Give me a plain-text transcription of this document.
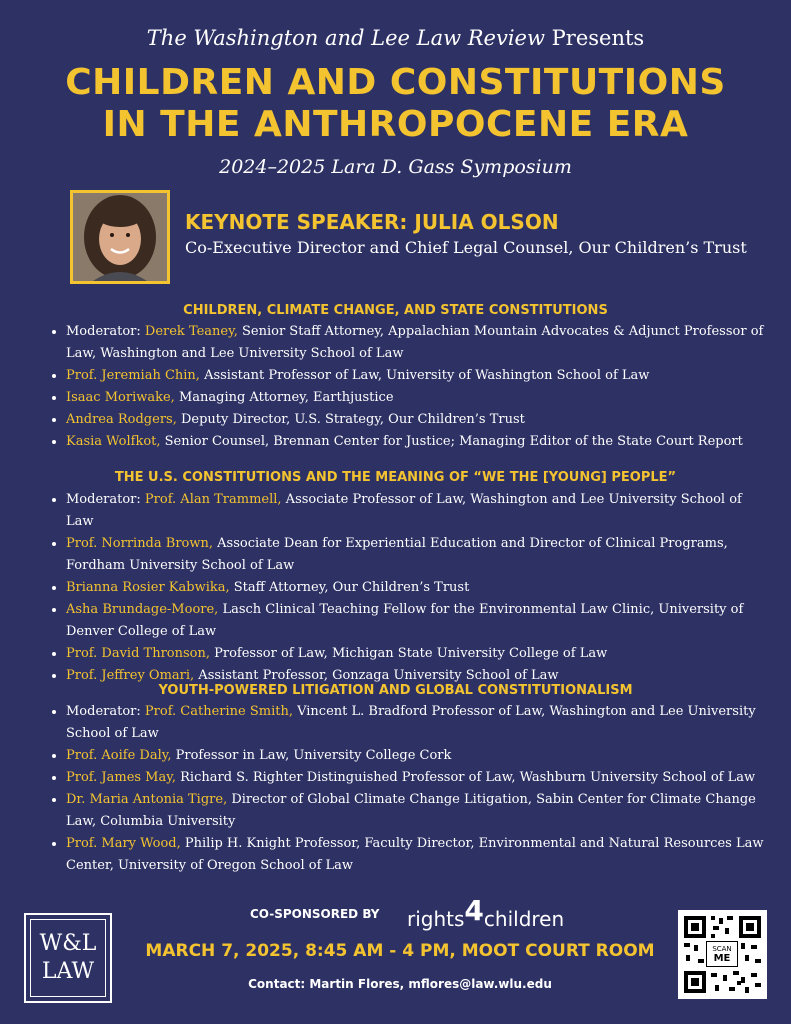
The Washington and Lee Law Review Presents
CHILDREN AND CONSTITUTIONS
IN THE ANTHROPOCENE ERA
2024–2025 Lara D. Gass Symposium
KEYNOTE SPEAKER: JULIA OLSON
Co-Executive Director and Chief Legal Counsel, Our Children’s Trust
CHILDREN, CLIMATE CHANGE, AND STATE CONSTITUTIONS
• Moderator: Derek Teaney, Senior Staff Attorney, Appalachian Mountain Advocates & Adjunct Professor of Law, Washington and Lee University School of Law
• Prof. Jeremiah Chin, Assistant Professor of Law, University of Washington School of Law
• Isaac Moriwake, Managing Attorney, Earthjustice
• Andrea Rodgers, Deputy Director, U.S. Strategy, Our Children’s Trust
• Kasia Wolfkot, Senior Counsel, Brennan Center for Justice; Managing Editor of the State Court Report
THE U.S. CONSTITUTIONS AND THE MEANING OF “WE THE [YOUNG] PEOPLE”
• Moderator: Prof. Alan Trammell, Associate Professor of Law, Washington and Lee University School of Law
• Prof. Norrinda Brown, Associate Dean for Experiential Education and Director of Clinical Programs, Fordham University School of Law
• Brianna Rosier Kabwika, Staff Attorney, Our Children’s Trust
• Asha Brundage-Moore, Lasch Clinical Teaching Fellow for the Environmental Law Clinic, University of Denver College of Law
• Prof. David Thronson, Professor of Law, Michigan State University College of Law
• Prof. Jeffrey Omari, Assistant Professor, Gonzaga University School of Law
YOUTH-POWERED LITIGATION AND GLOBAL CONSTITUTIONALISM
• Moderator: Prof. Catherine Smith, Vincent L. Bradford Professor of Law, Washington and Lee University School of Law
• Prof. Aoife Daly, Professor in Law, University College Cork
• Prof. James May, Richard S. Righter Distinguished Professor of Law, Washburn University School of Law
• Dr. Maria Antonia Tigre, Director of Global Climate Change Litigation, Sabin Center for Climate Change Law, Columbia University
• Prof. Mary Wood, Philip H. Knight Professor, Faculty Director, Environmental and Natural Resources Law Center, University of Oregon School of Law
W&L
LAW
CO-SPONSORED BY rights4children
MARCH 7, 2025, 8:45 AM - 4 PM, MOOT COURT ROOM
Contact: Martin Flores, mflores@law.wlu.edu
SCAN
ME
